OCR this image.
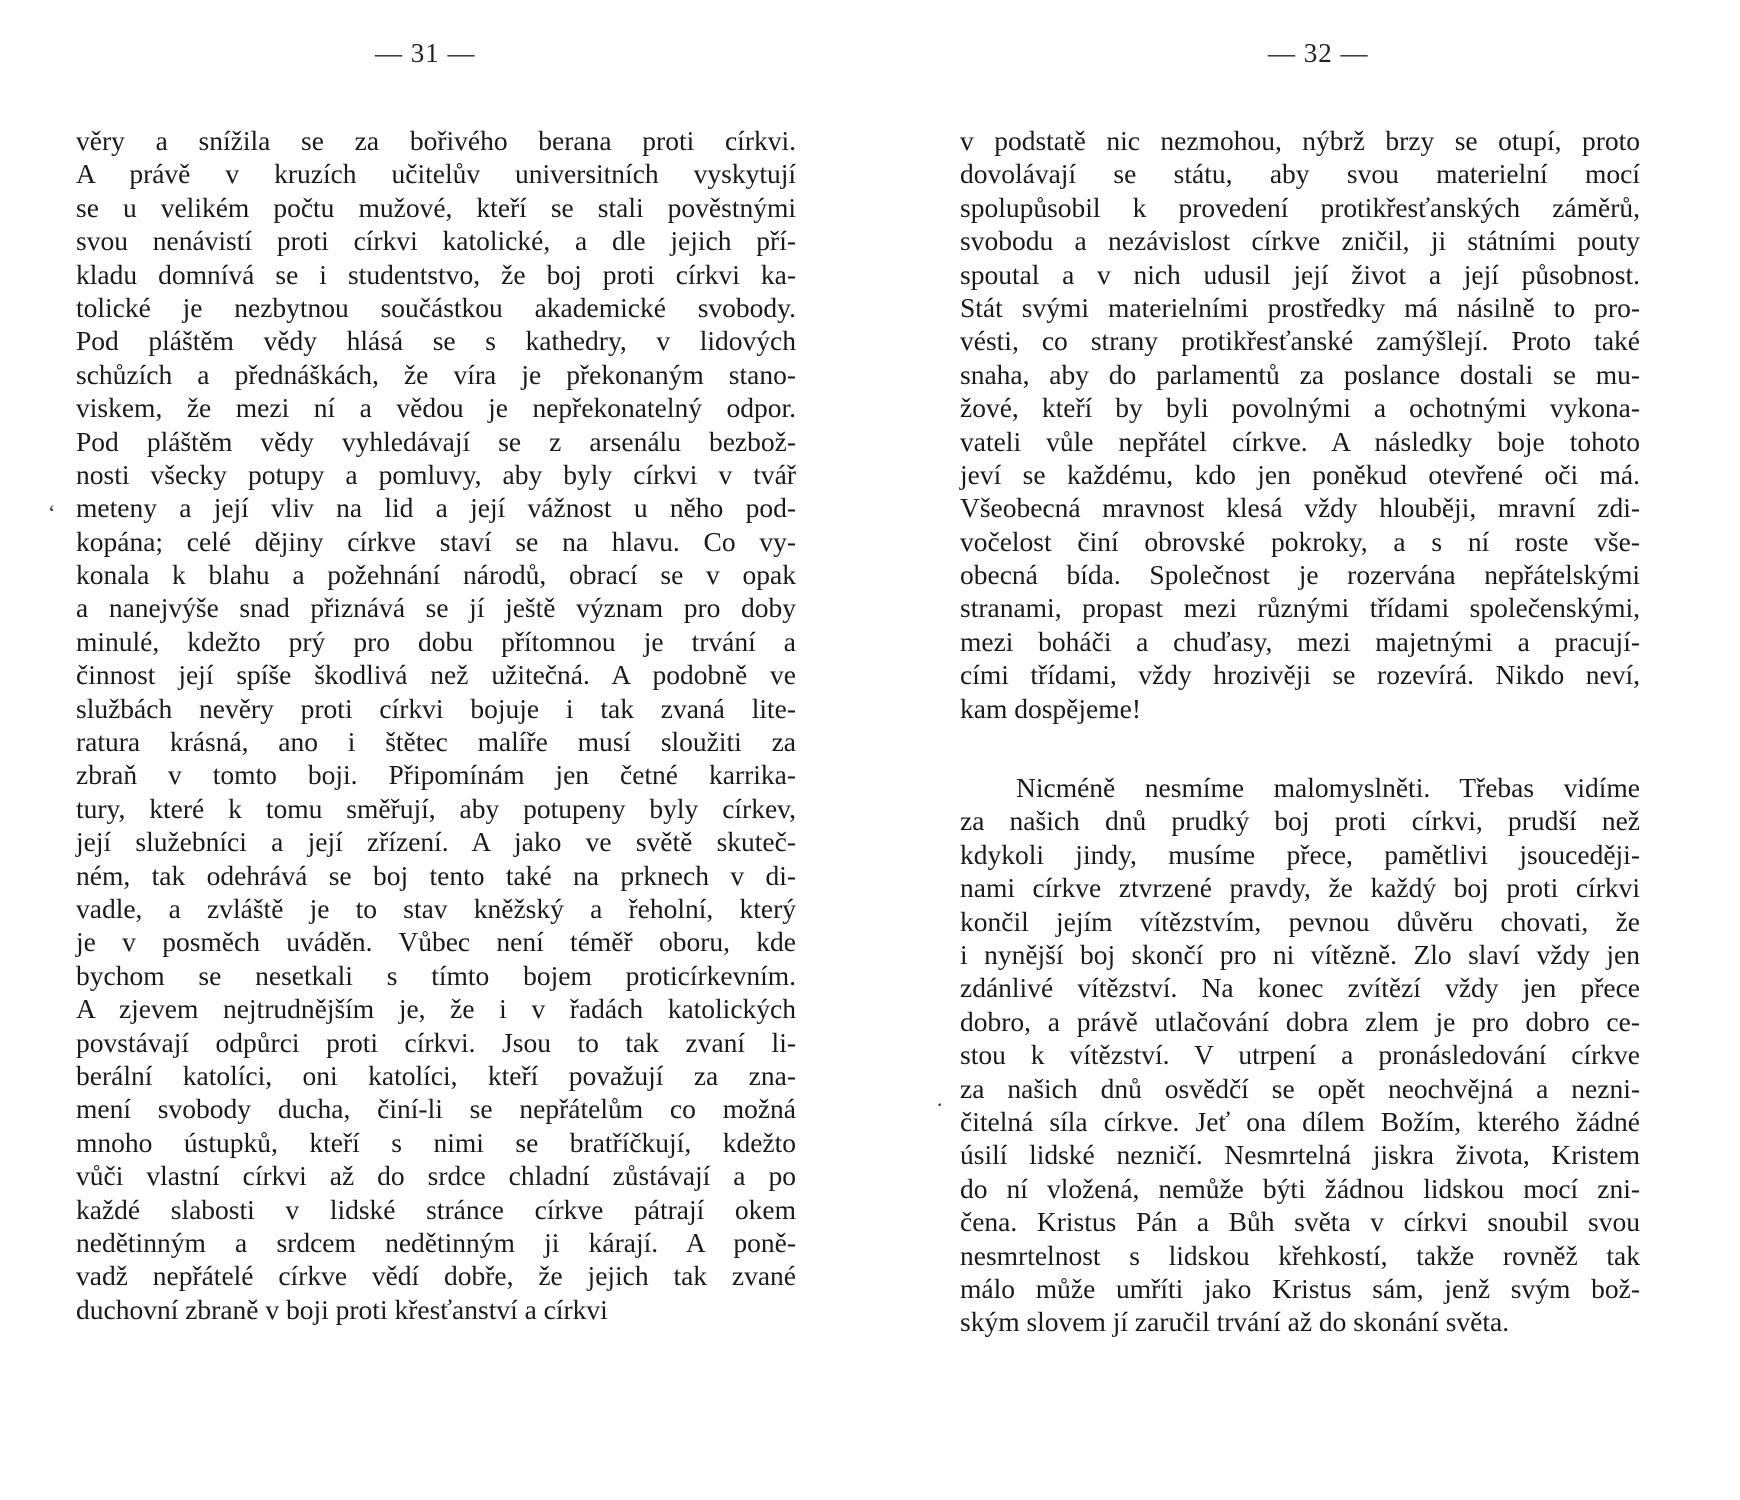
— 31 —
věry a snížila se za bořivého berana proti církvi.
A právě v kruzích učitelův universitních vyskytují
se u velikém počtu mužové, kteří se stali pověstnými
svou nenávistí proti církvi katolické, a dle jejich pří-
kladu domnívá se i studentstvo, že boj proti církvi ka-
tolické je nezbytnou součástkou akademické svobody.
Pod pláštěm vědy hlásá se s kathedry, v lidových
schůzích a přednáškách, že víra je překonaným stano-
viskem, že mezi ní a vědou je nepřekonatelný odpor.
Pod pláštěm vědy vyhledávají se z arsenálu bezbož-
nosti všecky potupy a pomluvy, aby byly církvi v tvář
meteny a její vliv na lid a její vážnost u něho pod-
kopána; celé dějiny církve staví se na hlavu. Co vy-
konala k blahu a požehnání národů, obrací se v opak
a nanejvýše snad přiznává se jí ještě význam pro doby
minulé, kdežto prý pro dobu přítomnou je trvání a
činnost její spíše škodlivá než užitečná. A podobně ve
službách nevěry proti církvi bojuje i tak zvaná lite-
ratura krásná, ano i štětec malíře musí sloužiti za
zbraň v tomto boji. Připomínám jen četné karrika-
tury, které k tomu směřují, aby potupeny byly církev,
její služebníci a její zřízení. A jako ve světě skuteč-
ném, tak odehrává se boj tento také na prknech v di-
vadle, a zvláště je to stav kněžský a řeholní, který
je v posměch uváděn. Vůbec není téměř oboru, kde
bychom se nesetkali s tímto bojem proticírkevním.
A zjevem nejtrudnějším je, že i v řadách katolických
povstávají odpůrci proti církvi. Jsou to tak zvaní li-
berální katolíci, oni katolíci, kteří považují za zna-
mení svobody ducha, činí-li se nepřátelům co možná
mnoho ústupků, kteří s nimi se bratříčkují, kdežto
vůči vlastní církvi až do srdce chladní zůstávají a po
každé slabosti v lidské stránce církve pátrají okem
nedětinným a srdcem nedětinným ji kárají. A poně-
vadž nepřátelé církve vědí dobře, že jejich tak zvané
duchovní zbraně v boji proti křesťanství a církvi
‘
— 32 —
v podstatě nic nezmohou, nýbrž brzy se otupí, proto
dovolávají se státu, aby svou materielní mocí
spolupůsobil k provedení protikřesťanských záměrů,
svobodu a nezávislost církve zničil, ji státními pouty
spoutal a v nich udusil její život a její působnost.
Stát svými materielními prostředky má násilně to pro-
vésti, co strany protikřesťanské zamýšlejí. Proto také
snaha, aby do parlamentů za poslance dostali se mu-
žové, kteří by byli povolnými a ochotnými vykona-
vateli vůle nepřátel církve. A následky boje tohoto
jeví se každému, kdo jen poněkud otevřené oči má.
Všeobecná mravnost klesá vždy hlouběji, mravní zdi-
vočelost činí obrovské pokroky, a s ní roste vše-
obecná bída. Společnost je rozervána nepřátelskými
stranami, propast mezi různými třídami společenskými,
mezi boháči a chuďasy, mezi majetnými a pracují-
cími třídami, vždy hrozivěji se rozevírá. Nikdo neví,
kam dospějeme!
Nicméně nesmíme malomyslněti. Třebas vidíme
za našich dnů prudký boj proti církvi, prudší než
kdykoli jindy, musíme přece, pamětlivi jsouceději-
nami církve ztvrzené pravdy, že každý boj proti církvi
končil jejím vítězstvím, pevnou důvěru chovati, že
i nynější boj skončí pro ni vítězně. Zlo slaví vždy jen
zdánlivé vítězství. Na konec zvítězí vždy jen přece
dobro, a právě utlačování dobra zlem je pro dobro ce-
stou k vítězství. V utrpení a pronásledování církve
za našich dnů osvědčí se opět neochvějná a nezni-
čitelná síla církve. Jeť ona dílem Božím, kterého žádné
úsilí lidské nezničí. Nesmrtelná jiskra života, Kristem
do ní vložená, nemůže býti žádnou lidskou mocí zni-
čena. Kristus Pán a Bůh světa v církvi snoubil svou
nesmrtelnost s lidskou křehkostí, takže rovněž tak
málo může umříti jako Kristus sám, jenž svým bož-
ským slovem jí zaručil trvání až do skonání světa.
·
